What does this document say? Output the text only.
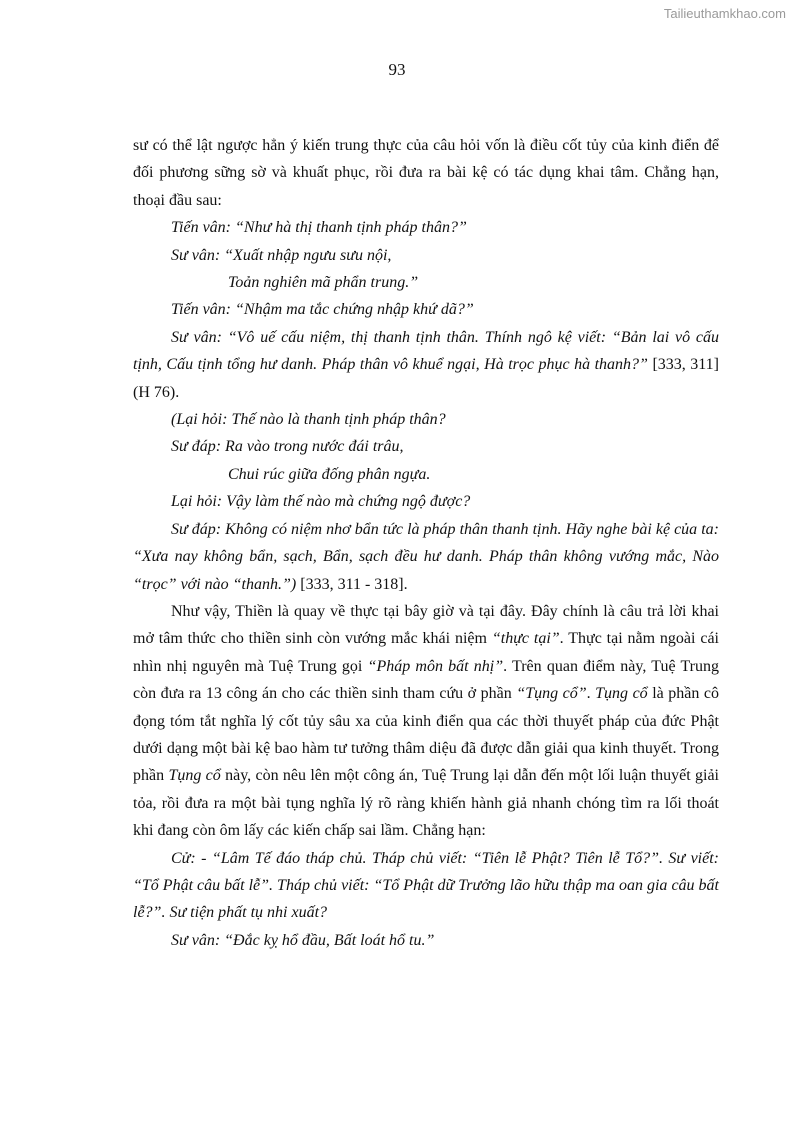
Tailieuthamkhao.com
93

sư có thể lật ngược hẳn ý kiến trung thực của câu hỏi vốn là điều cốt tủy của kinh điển để đối phương sững sờ và khuất phục, rồi đưa ra bài kệ có tác dụng khai tâm. Chẳng hạn, thoại đầu sau:

Tiến vân: “Như hà thị thanh tịnh pháp thân?”

Sư vân: “Xuất nhập ngưu sưu nội,

Toản nghiên mã phẩn trung.”

Tiến vân: “Nhậm ma tắc chứng nhập khứ dã?”

Sư vân: “Vô uế cấu niệm, thị thanh tịnh thân. Thính ngô kệ viết: “Bản lai vô cấu tịnh, Cấu tịnh tổng hư danh. Pháp thân vô khuể ngại, Hà trọc phục hà thanh?” [333, 311] (H 76).

(Lại hỏi: Thế nào là thanh tịnh pháp thân?

Sư đáp: Ra vào trong nước đái trâu,

Chui rúc giữa đống phân ngựa.

Lại hỏi: Vậy làm thế nào mà chứng ngộ được?

Sư đáp: Không có niệm nhơ bẩn tức là pháp thân thanh tịnh. Hãy nghe bài kệ của ta: “Xưa nay không bẩn, sạch, Bẩn, sạch đều hư danh. Pháp thân không vướng mắc, Nào “trọc” với nào “thanh.”) [333, 311 - 318].

Như vậy, Thiền là quay về thực tại bây giờ và tại đây. Đây chính là câu trả lời khai mở tâm thức cho thiền sinh còn vướng mắc khái niệm “thực tại”. Thực tại nằm ngoài cái nhìn nhị nguyên mà Tuệ Trung gọi “Pháp môn bất nhị”. Trên quan điểm này, Tuệ Trung còn đưa ra 13 công án cho các thiền sinh tham cứu ở phần “Tụng cổ”. Tụng cổ là phần cô đọng tóm tắt nghĩa lý cốt tủy sâu xa của kinh điển qua các thời thuyết pháp của đức Phật dưới dạng một bài kệ bao hàm tư tưởng thâm diệu đã được dẫn giải qua kinh thuyết. Trong phần Tụng cổ này, còn nêu lên một công án, Tuệ Trung lại dẫn đến một lối luận thuyết giải tỏa, rồi đưa ra một bài tụng nghĩa lý rõ ràng khiến hành giả nhanh chóng tìm ra lối thoát khi đang còn ôm lấy các kiến chấp sai lầm. Chẳng hạn:

Cử: - “Lâm Tế đáo tháp chủ. Tháp chủ viết: “Tiên lễ Phật? Tiên lễ Tổ?”. Sư viết: “Tổ Phật câu bất lễ”. Tháp chủ viết: “Tổ Phật dữ Trưởng lão hữu thập ma oan gia câu bất lễ?”. Sư tiện phất tụ nhi xuất?

Sư vân: “Đắc kỵ hổ đầu, Bất loát hổ tu.”
